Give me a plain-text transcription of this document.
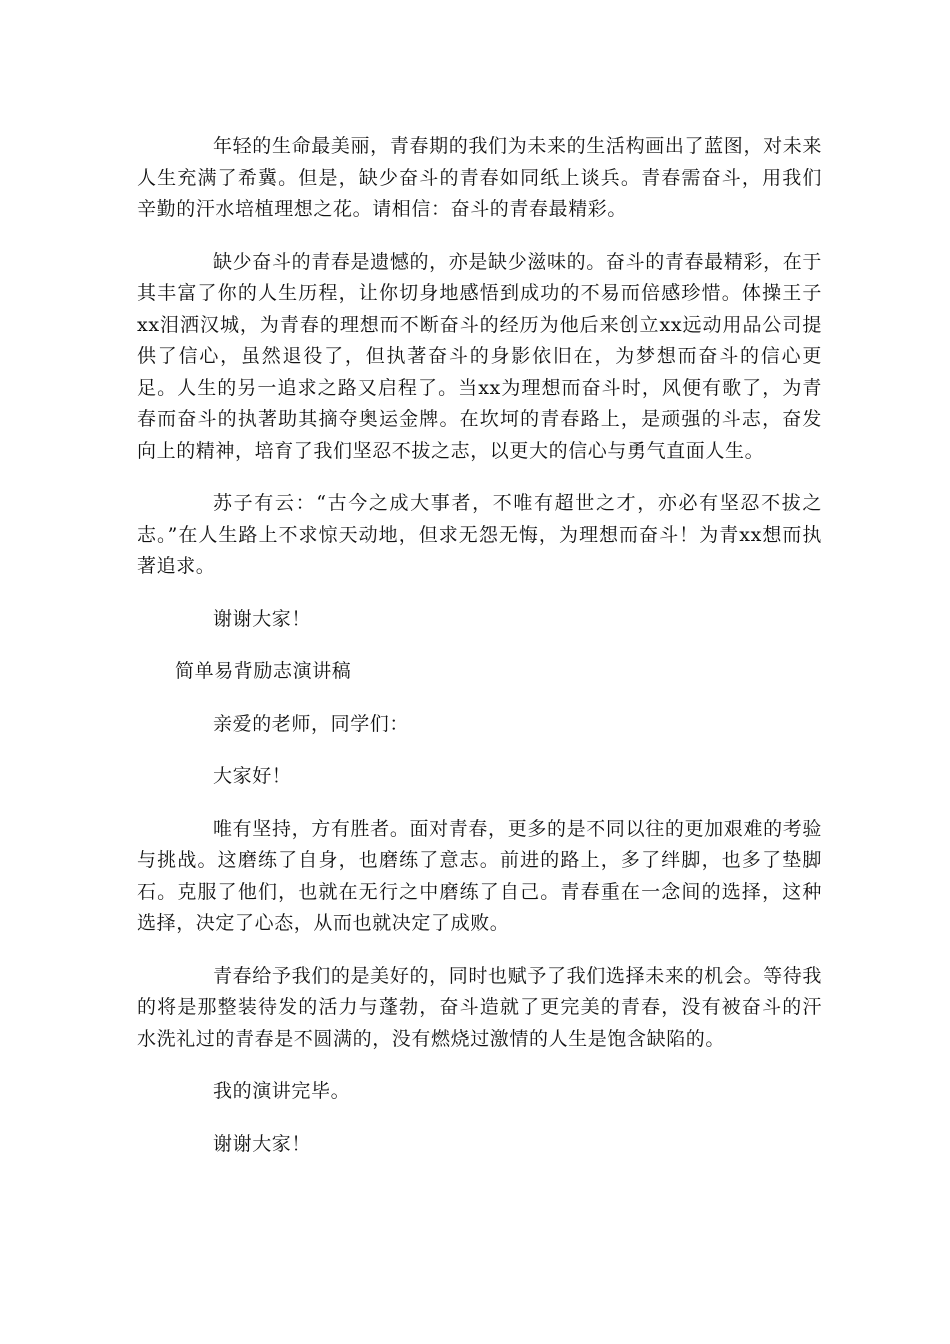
年轻的生命最美丽，青春期的我们为未来的生活构画出了蓝图，对未来人生充满了希冀。但是，缺少奋斗的青春如同纸上谈兵。青春需奋斗，用我们辛勤的汗水培植理想之花。请相信：奋斗的青春最精彩。

缺少奋斗的青春是遗憾的，亦是缺少滋味的。奋斗的青春最精彩，在于其丰富了你的人生历程，让你切身地感悟到成功的不易而倍感珍惜。体操王子xx泪洒汉城，为青春的理想而不断奋斗的经历为他后来创立xx远动用品公司提供了信心，虽然退役了，但执著奋斗的身影依旧在，为梦想而奋斗的信心更足。人生的另一追求之路又启程了。当xx为理想而奋斗时，风便有歌了，为青春而奋斗的执著助其摘夺奥运金牌。在坎坷的青春路上，是顽强的斗志，奋发向上的精神，培育了我们坚忍不拔之志，以更大的信心与勇气直面人生。

苏子有云：“古今之成大事者，不唯有超世之才，亦必有坚忍不拔之志。”在人生路上不求惊天动地，但求无怨无悔，为理想而奋斗！为青xx想而执著追求。

谢谢大家！

简单易背励志演讲稿

亲爱的老师，同学们：

大家好！

唯有坚持，方有胜者。面对青春，更多的是不同以往的更加艰难的考验与挑战。这磨练了自身，也磨练了意志。前进的路上，多了绊脚，也多了垫脚石。克服了他们，也就在无行之中磨练了自己。青春重在一念间的选择，这种选择，决定了心态，从而也就决定了成败。

青春给予我们的是美好的，同时也赋予了我们选择未来的机会。等待我的将是那整装待发的活力与蓬勃，奋斗造就了更完美的青春，没有被奋斗的汗水洗礼过的青春是不圆满的，没有燃烧过激情的人生是饱含缺陷的。

我的演讲完毕。

谢谢大家！
